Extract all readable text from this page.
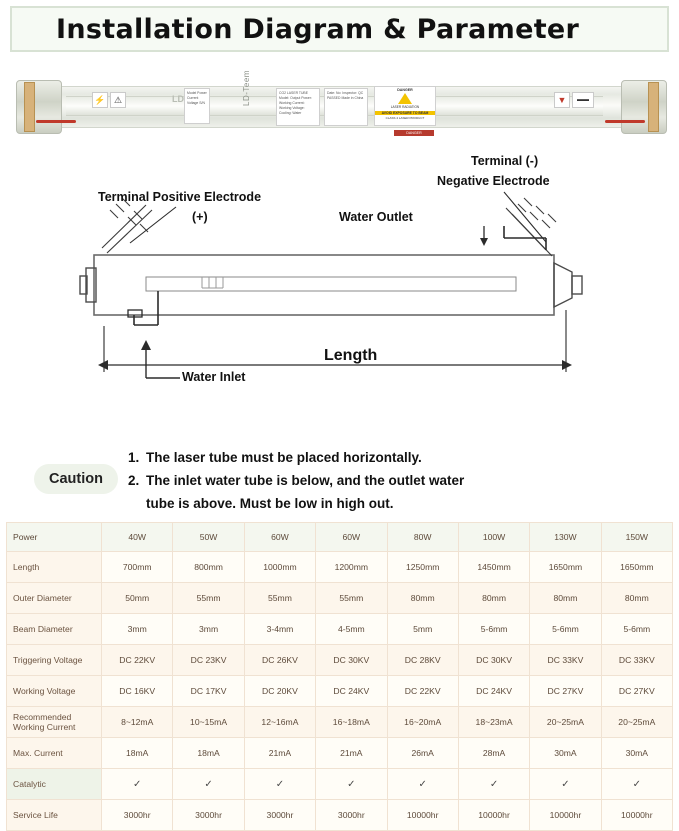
Installation Diagram & Parameter
⚡ ⚠	▼	▬▬
LD	LD-Teem
Model Power Current Voltage S/N
CO2 LASER TUBE Model: Output Power: Working Current: Working Voltage: Cooling: Water
Date: No: Inspector: QC PASSED Made in China
DANGER
LASER RADIATION
AVOID EXPOSURE TO BEAM
CLASS 4 LASER PRODUCT
DANGER
Terminal Positive Electrode
(+)
Terminal (-)
Negative Electrode
Water Outlet
Water Inlet
Length
Caution
1. The laser tube must be placed horizontally.
2. The inlet water tube is below, and the outlet water
tube is above. Must be low in high out.
Power	40W	50W	60W	60W	80W	100W	130W	150W
Length	700mm	800mm	1000mm	1200mm	1250mm	1450mm	1650mm	1650mm
Outer Diameter	50mm	55mm	55mm	55mm	80mm	80mm	80mm	80mm
Beam Diameter	3mm	3mm	3-4mm	4-5mm	5mm	5-6mm	5-6mm	5-6mm
Triggering Voltage	DC 22KV	DC 23KV	DC 26KV	DC 30KV	DC 28KV	DC 30KV	DC 33KV	DC 33KV
Working Voltage	DC 16KV	DC 17KV	DC 20KV	DC 24KV	DC 22KV	DC 24KV	DC 27KV	DC 27KV
Recommended
Working Current	8~12mA	10~15mA	12~16mA	16~18mA	16~20mA	18~23mA	20~25mA	20~25mA
Max. Current	18mA	18mA	21mA	21mA	26mA	28mA	30mA	30mA
Catalytic	✓	✓	✓	✓	✓	✓	✓	✓
Service Life	3000hr	3000hr	3000hr	3000hr	10000hr	10000hr	10000hr	10000hr
